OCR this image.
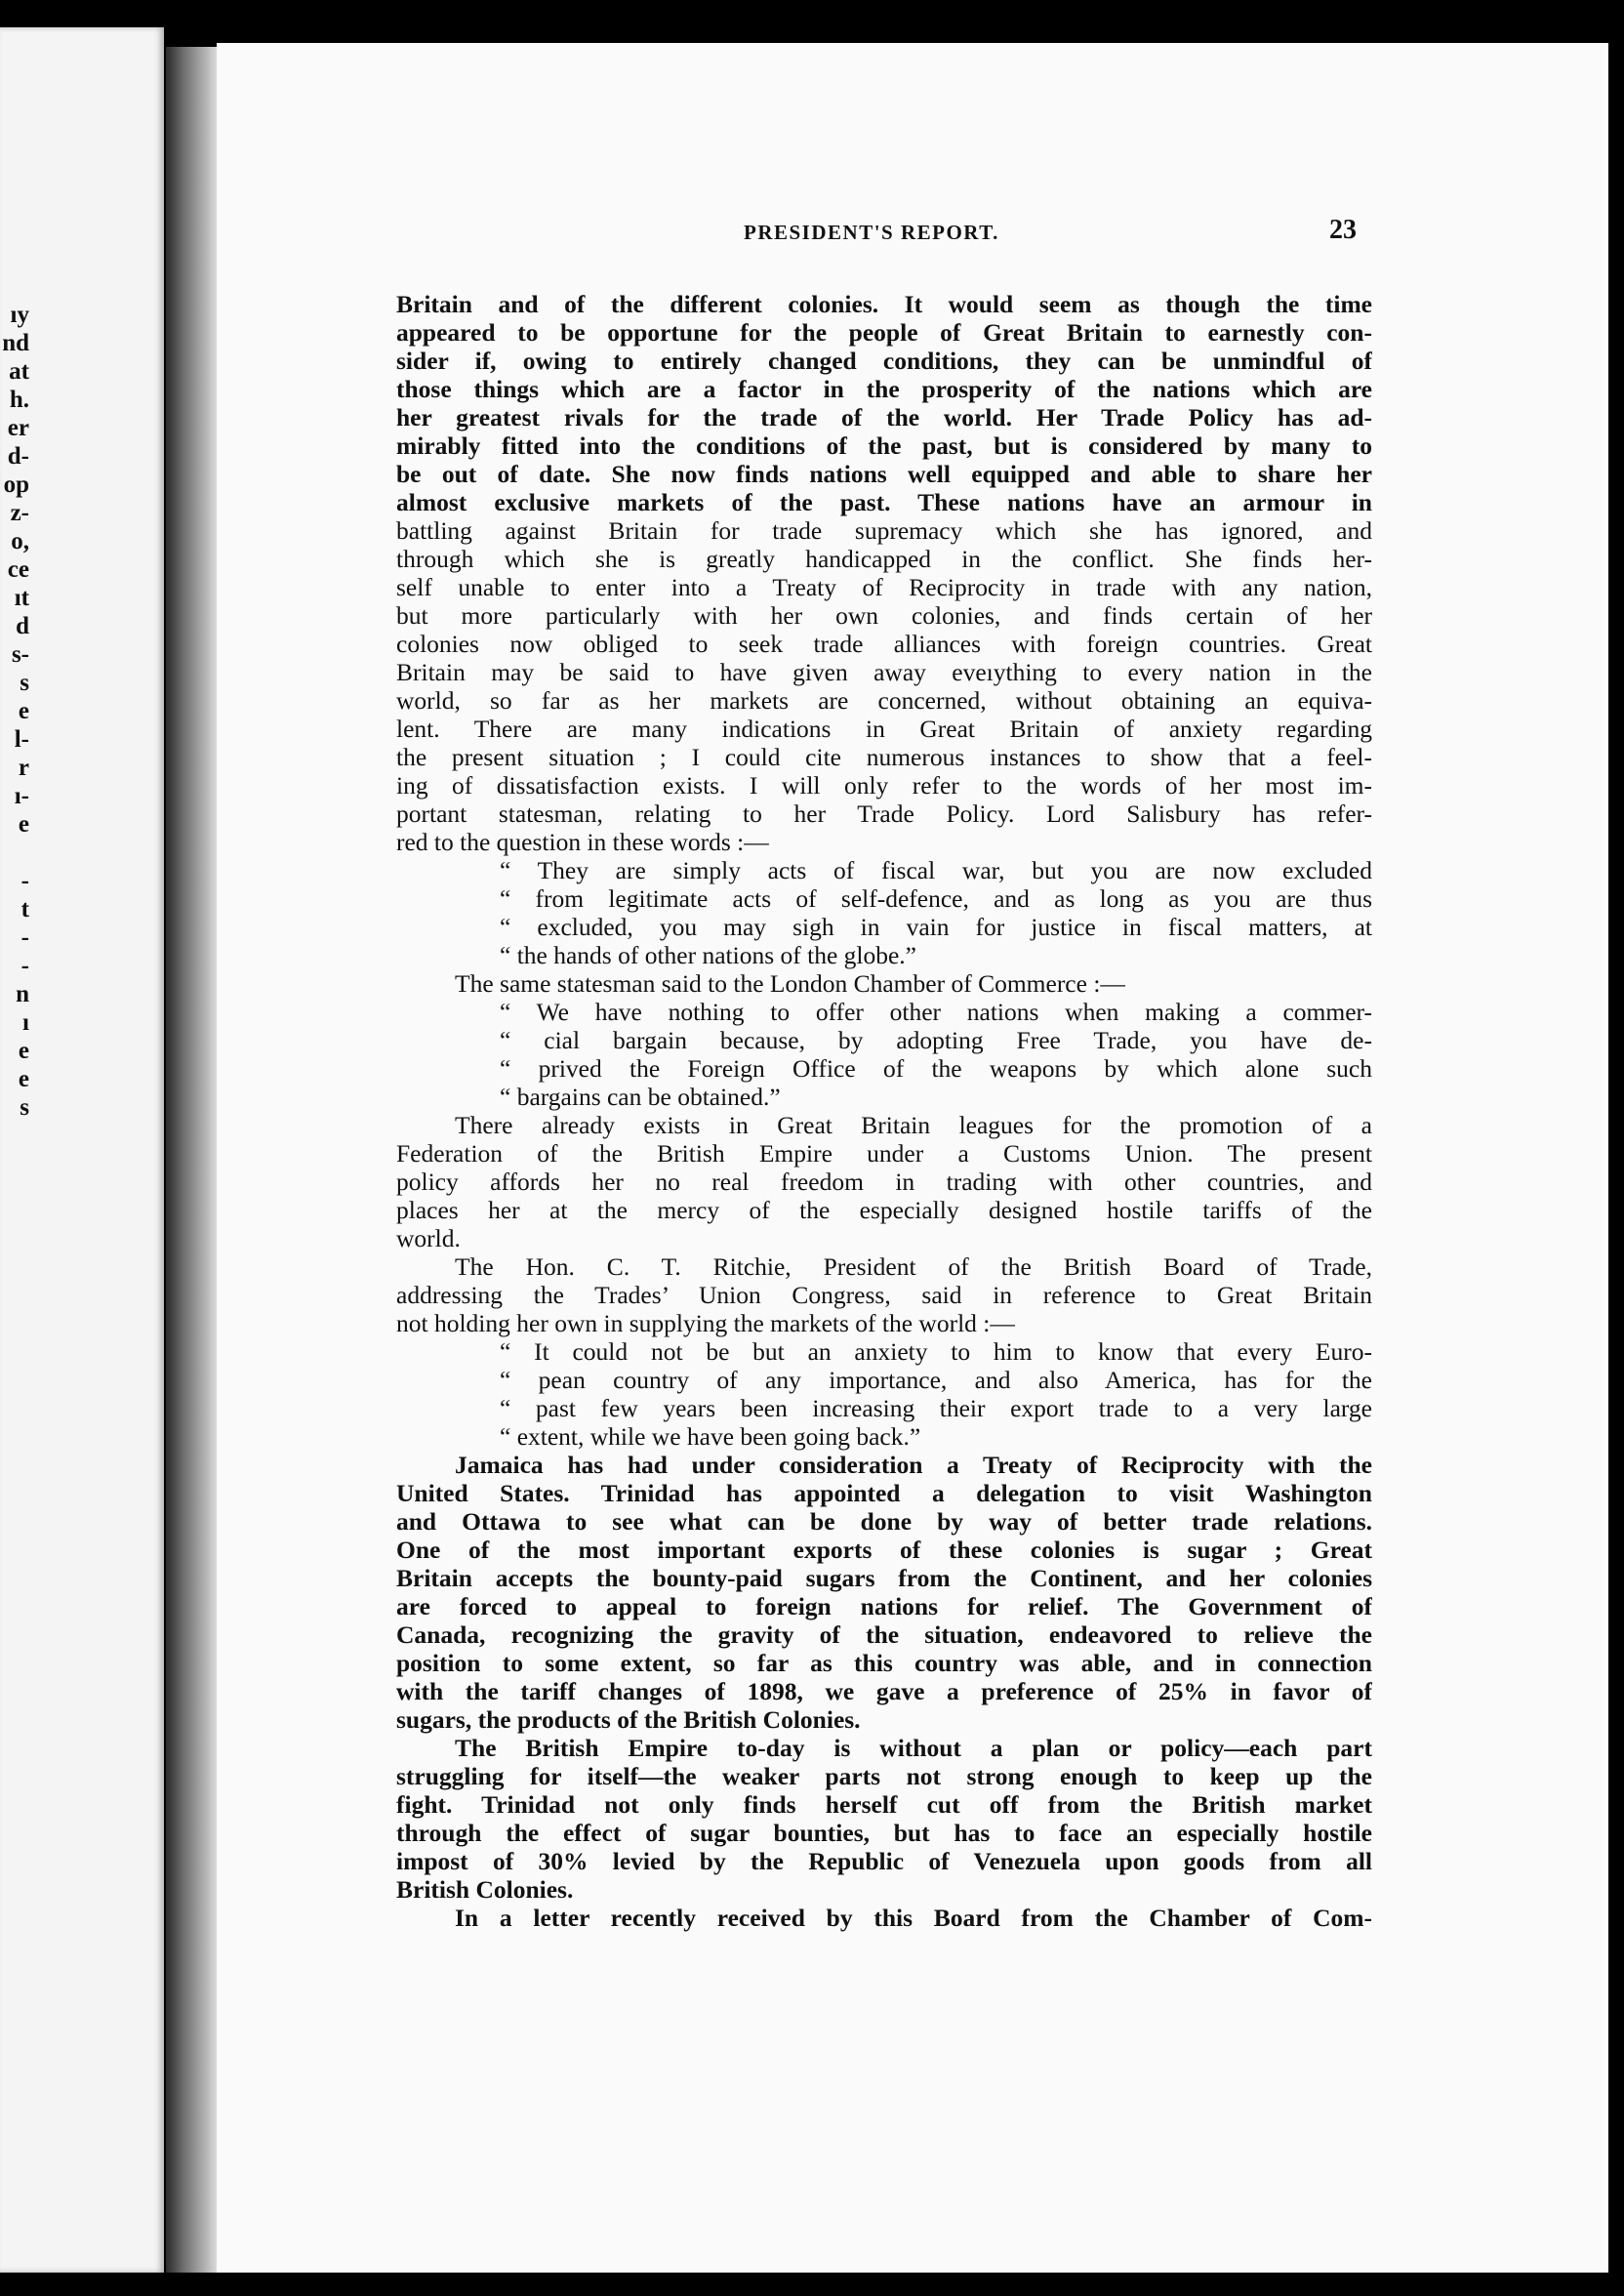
ıy
nd
at
h.
er
d-
op
z-
o,
ce
ıt
d
s-
s
e
l-
r
ı-
e
-
t
-
-
n
ı
e
e
s
PRESIDENT'S REPORT.	23
Britain and of the different colonies. It would seem as though the time
appeared to be opportune for the people of Great Britain to earnestly con-
sider if, owing to entirely changed conditions, they can be unmindful of
those things which are a factor in the prosperity of the nations which are
her greatest rivals for the trade of the world. Her Trade Policy has ad-
mirably fitted into the conditions of the past, but is considered by many to
be out of date. She now finds nations well equipped and able to share her
almost exclusive markets of the past. These nations have an armour in
battling against Britain for trade supremacy which she has ignored, and
through which she is greatly handicapped in the conflict. She finds her-
self unable to enter into a Treaty of Reciprocity in trade with any nation,
but more particularly with her own colonies, and finds certain of her
colonies now obliged to seek trade alliances with foreign countries. Great
Britain may be said to have given away eveıything to every nation in the
world, so far as her markets are concerned, without obtaining an equiva-
lent. There are many indications in Great Britain of anxiety regarding
the present situation ; I could cite numerous instances to show that a feel-
ing of dissatisfaction exists. I will only refer to the words of her most im-
portant statesman, relating to her Trade Policy. Lord Salisbury has refer-
red to the question in these words :—
“ They are simply acts of fiscal war, but you are now excluded
“ from legitimate acts of self-defence, and as long as you are thus
“ excluded, you may sigh in vain for justice in fiscal matters, at
“ the hands of other nations of the globe.”
The same statesman said to the London Chamber of Commerce :—
“ We have nothing to offer other nations when making a commer-
“ cial bargain because, by adopting Free Trade, you have de-
“ prived the Foreign Office of the weapons by which alone such
“ bargains can be obtained.”
There already exists in Great Britain leagues for the promotion of a
Federation of the British Empire under a Customs Union. The present
policy affords her no real freedom in trading with other countries, and
places her at the mercy of the especially designed hostile tariffs of the
world.
The Hon. C. T. Ritchie, President of the British Board of Trade,
addressing the Trades’ Union Congress, said in reference to Great Britain
not holding her own in supplying the markets of the world :—
“ It could not be but an anxiety to him to know that every Euro-
“ pean country of any importance, and also America, has for the
“ past few years been increasing their export trade to a very large
“ extent, while we have been going back.”
Jamaica has had under consideration a Treaty of Reciprocity with the
United States. Trinidad has appointed a delegation to visit Washington
and Ottawa to see what can be done by way of better trade relations.
One of the most important exports of these colonies is sugar ; Great
Britain accepts the bounty-paid sugars from the Continent, and her colonies
are forced to appeal to foreign nations for relief. The Government of
Canada, recognizing the gravity of the situation, endeavored to relieve the
position to some extent, so far as this country was able, and in connection
with the tariff changes of 1898, we gave a preference of 25% in favor of
sugars, the products of the British Colonies.
The British Empire to-day is without a plan or policy—each part
struggling for itself—the weaker parts not strong enough to keep up the
fight. Trinidad not only finds herself cut off from the British market
through the effect of sugar bounties, but has to face an especially hostile
impost of 30% levied by the Republic of Venezuela upon goods from all
British Colonies.
In a letter recently received by this Board from the Chamber of Com-
